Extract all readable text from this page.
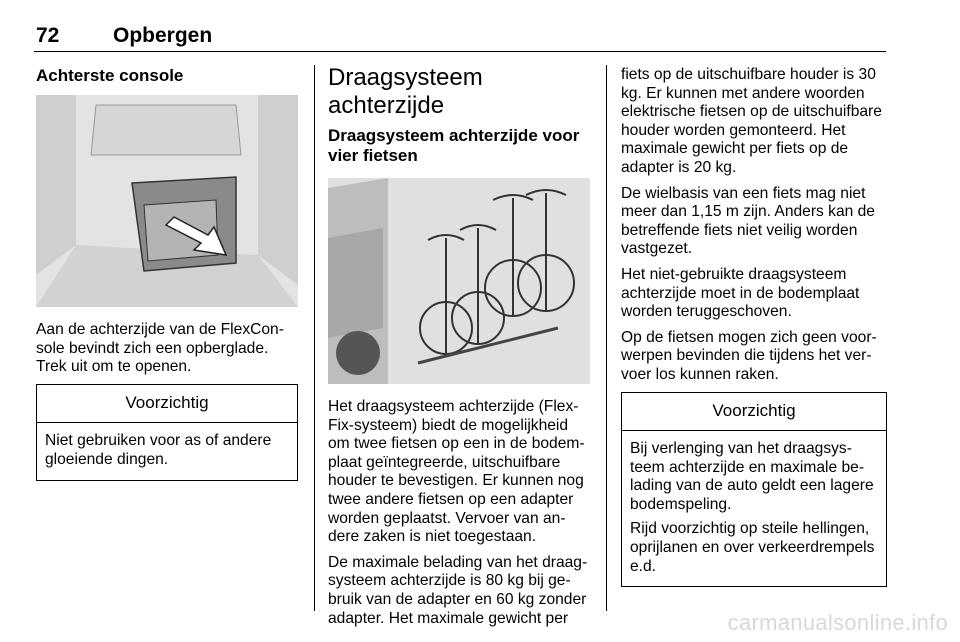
72	Opbergen
Achterste console

Aan de achterzijde van de FlexConsole bevindt zich een opberglade. Trek uit om te openen.

Voorzichtig

Niet gebruiken voor as of andere gloeiende dingen.

Draagsysteem achterzijde
Draagsysteem achterzijde voor vier fietsen

Het draagsysteem achterzijde (Flex-Fix-systeem) biedt de mogelijkheid om twee fietsen op een in de bodemplaat geïntegreerde, uitschuifbare houder te bevestigen. Er kunnen nog twee andere fietsen op een adapter worden geplaatst. Vervoer van andere zaken is niet toegestaan.

De maximale belading van het draagsysteem achterzijde is 80 kg bij gebruik van de adapter en 60 kg zonder adapter. Het maximale gewicht per

fiets op de uitschuifbare houder is 30 kg. Er kunnen met andere woorden elektrische fietsen op de uitschuifbare houder worden gemonteerd. Het maximale gewicht per fiets op de adapter is 20 kg.

De wielbasis van een fiets mag niet meer dan 1,15 m zijn. Anders kan de betreffende fiets niet veilig worden vastgezet.

Het niet-gebruikte draagsysteem achterzijde moet in de bodemplaat worden teruggeschoven.

Op de fietsen mogen zich geen voorwerpen bevinden die tijdens het vervoer los kunnen raken.

Voorzichtig

Bij verlenging van het draagsysteem achterzijde en maximale belading van de auto geldt een lagere bodemspeling.

Rijd voorzichtig op steile hellingen, oprijlanen en over verkeerdrempels e.d.

carmanualsonline.info
